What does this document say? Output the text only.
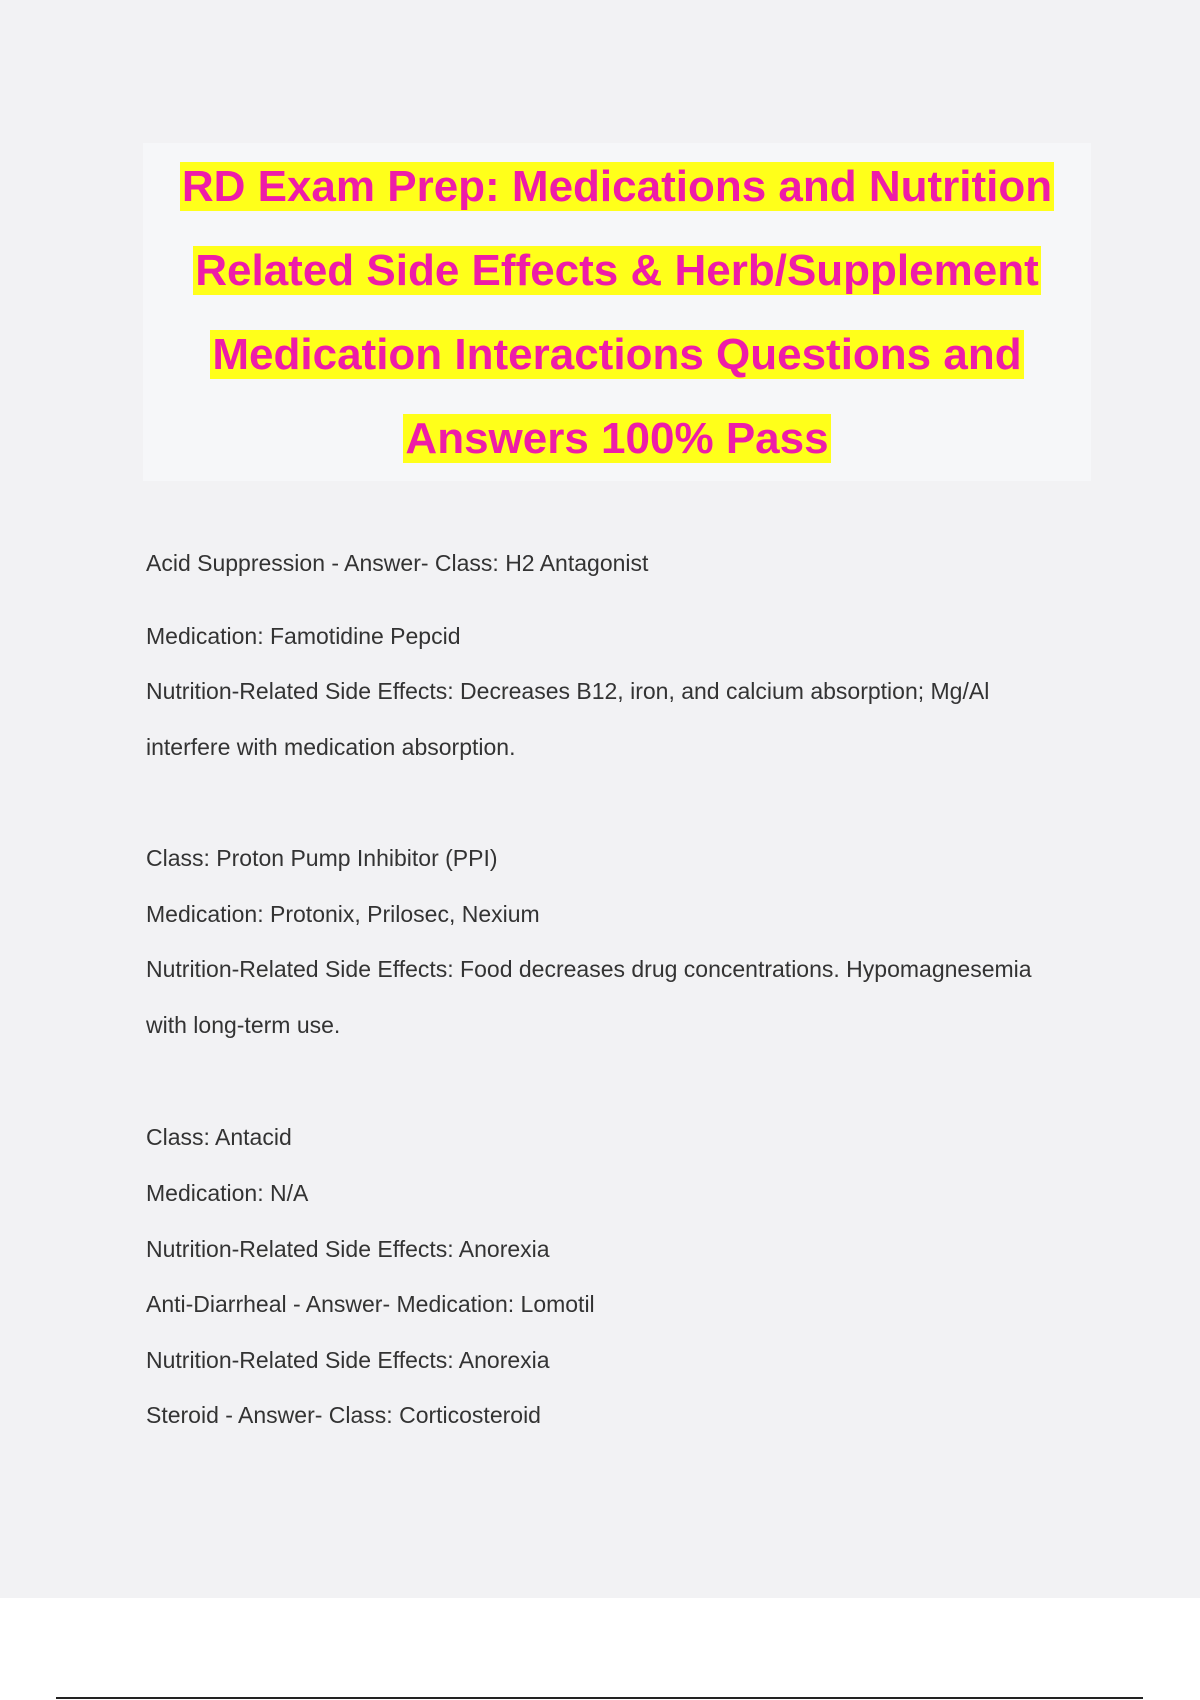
RD Exam Prep: Medications and Nutrition
Related Side Effects & Herb/Supplement
Medication Interactions Questions and
Answers 100% Pass
Acid Suppression - Answer- Class: H2 Antagonist
Medication: Famotidine Pepcid
Nutrition-Related Side Effects: Decreases B12, iron, and calcium absorption; Mg/Al
interfere with medication absorption.
Class: Proton Pump Inhibitor (PPI)
Medication: Protonix, Prilosec, Nexium
Nutrition-Related Side Effects: Food decreases drug concentrations. Hypomagnesemia
with long-term use.
Class: Antacid
Medication: N/A
Nutrition-Related Side Effects: Anorexia
Anti-Diarrheal - Answer- Medication: Lomotil
Nutrition-Related Side Effects: Anorexia
Steroid - Answer- Class: Corticosteroid
